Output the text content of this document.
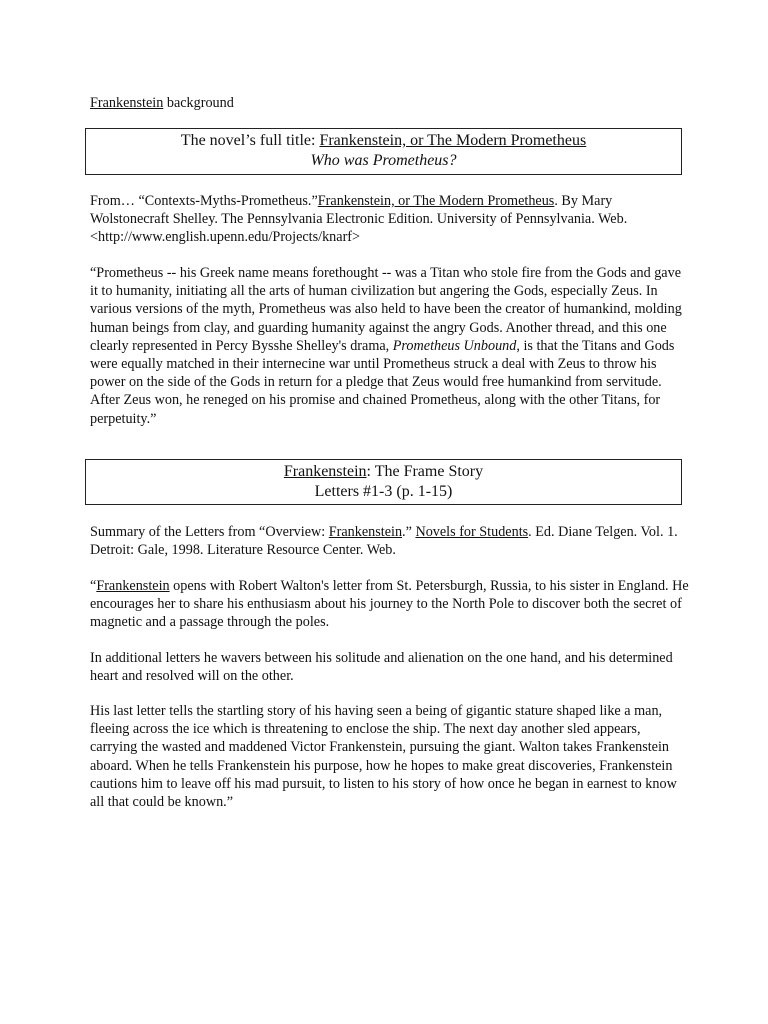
Frankenstein background
The novel’s full title: Frankenstein, or The Modern Prometheus
Who was Prometheus?

From… “Contexts-Myths-Prometheus.”Frankenstein, or The Modern Prometheus. By Mary Wolstonecraft Shelley. The Pennsylvania Electronic Edition. University of Pennsylvania. Web. <http://www.english.upenn.edu/Projects/knarf>

“Prometheus -- his Greek name means forethought -- was a Titan who stole fire from the Gods and gave it to humanity, initiating all the arts of human civilization but angering the Gods, especially Zeus. In various versions of the myth, Prometheus was also held to have been the creator of humankind, molding human beings from clay, and guarding humanity against the angry Gods. Another thread, and this one clearly represented in Percy Bysshe Shelley's drama, Prometheus Unbound, is that the Titans and Gods were equally matched in their internecine war until Prometheus struck a deal with Zeus to throw his power on the side of the Gods in return for a pledge that Zeus would free humankind from servitude. After Zeus won, he reneged on his promise and chained Prometheus, along with the other Titans, for perpetuity.”

Frankenstein: The Frame Story
Letters #1-3 (p. 1-15)

Summary of the Letters from “Overview: Frankenstein.” Novels for Students. Ed. Diane Telgen. Vol. 1. Detroit: Gale, 1998. Literature Resource Center. Web.

“Frankenstein opens with Robert Walton's letter from St. Petersburgh, Russia, to his sister in England. He encourages her to share his enthusiasm about his journey to the North Pole to discover both the secret of magnetic and a passage through the poles.

In additional letters he wavers between his solitude and alienation on the one hand, and his determined heart and resolved will on the other.

His last letter tells the startling story of his having seen a being of gigantic stature shaped like a man, fleeing across the ice which is threatening to enclose the ship. The next day another sled appears, carrying the wasted and maddened Victor Frankenstein, pursuing the giant. Walton takes Frankenstein aboard. When he tells Frankenstein his purpose, how he hopes to make great discoveries, Frankenstein cautions him to leave off his mad pursuit, to listen to his story of how once he began in earnest to know all that could be known.”
